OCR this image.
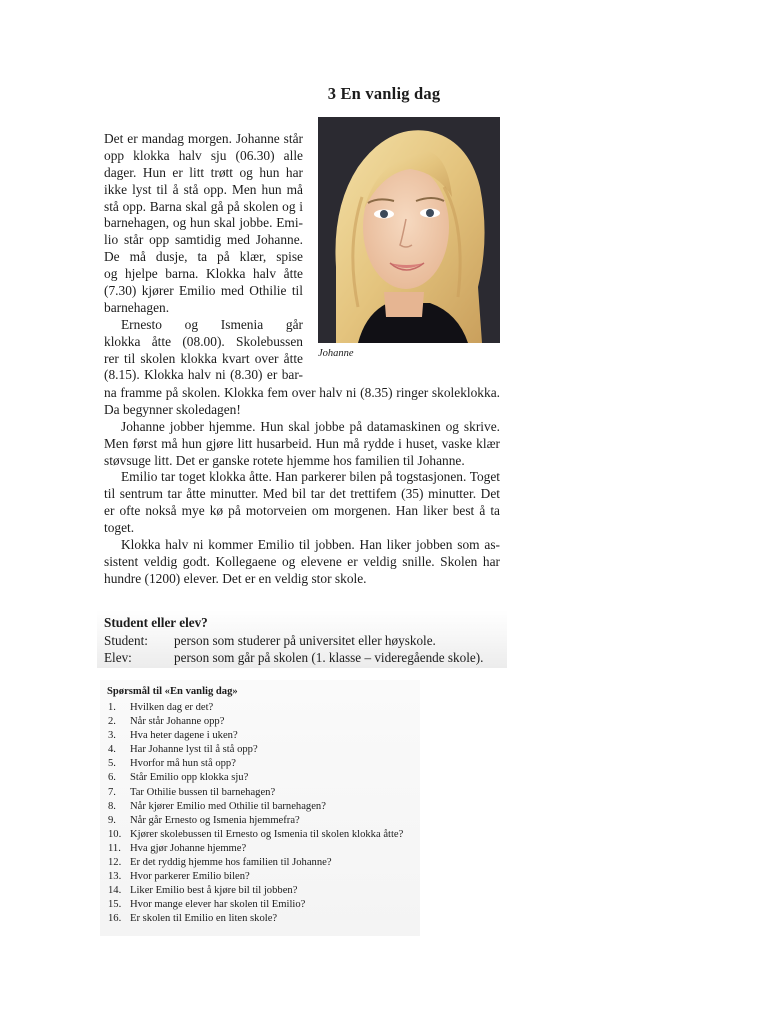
3 En vanlig dag
Det er mandag morgen. Johanne står
opp klokka halv sju (06.30) alle
dager. Hun er litt trøtt og hun har
ikke lyst til å stå opp. Men hun må
stå opp. Barna skal gå på skolen og i
barnehagen, og hun skal jobbe. Emi-
lio står opp samtidig med Johanne.
De må dusje, ta på klær, spise
og hjelpe barna. Klokka halv åtte
(7.30) kjører Emilio med Othilie til
barnehagen.
Ernesto og Ismenia går
klokka åtte (08.00). Skolebussen
rer til skolen klokka kvart over åtte
(8.15). Klokka halv ni (8.30) er bar-
Johanne
na framme på skolen. Klokka fem over halv ni (8.35) ringer skoleklokka.
Da begynner skoledagen!
Johanne jobber hjemme. Hun skal jobbe på datamaskinen og skrive.
Men først må hun gjøre litt husarbeid. Hun må rydde i huset, vaske klær
støvsuge litt. Det er ganske rotete hjemme hos familien til Johanne.
Emilio tar toget klokka åtte. Han parkerer bilen på togstasjonen. Toget
til sentrum tar åtte minutter. Med bil tar det trettifem (35) minutter. Det
er ofte nokså mye kø på motorveien om morgenen. Han liker best å ta
toget.
Klokka halv ni kommer Emilio til jobben. Han liker jobben som as-
sistent veldig godt. Kollegaene og elevene er veldig snille. Skolen har
hundre (1200) elever. Det er en veldig stor skole.
Student eller elev?
Student: person som studerer på universitet eller høyskole.
Elev:	person som går på skolen (1. klasse – videregående skole).
Spørsmål til «En vanlig dag»
1. Hvilken dag er det?
2. Når står Johanne opp?
3. Hva heter dagene i uken?
4. Har Johanne lyst til å stå opp?
5. Hvorfor må hun stå opp?
6. Står Emilio opp klokka sju?
7. Tar Othilie bussen til barnehagen?
8. Når kjører Emilio med Othilie til barnehagen?
9. Når går Ernesto og Ismenia hjemmefra?
10. Kjører skolebussen til Ernesto og Ismenia til skolen klokka åtte?
11. Hva gjør Johanne hjemme?
12. Er det ryddig hjemme hos familien til Johanne?
13. Hvor parkerer Emilio bilen?
14. Liker Emilio best å kjøre bil til jobben?
15. Hvor mange elever har skolen til Emilio?
16. Er skolen til Emilio en liten skole?
